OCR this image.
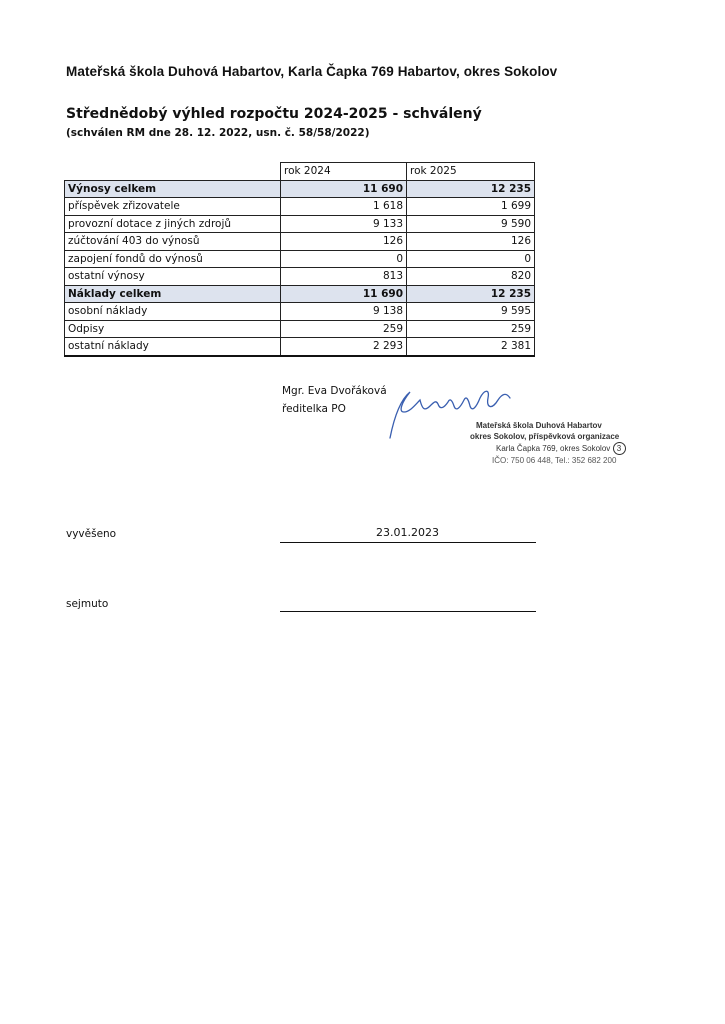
Mateřská škola Duhová Habartov, Karla Čapka 769 Habartov, okres Sokolov
Střednědobý výhled rozpočtu 2024-2025 - schválený
(schválen RM dne 28. 12. 2022, usn. č. 58/58/2022)
	rok 2024	rok 2025
Výnosy celkem	11 690	12 235
příspěvek zřizovatele	1 618	1 699
provozní dotace z jiných zdrojů	9 133	9 590
zúčtování 403 do výnosů	126	126
zapojení fondů do výnosů	0	0
ostatní výnosy	813	820
Náklady celkem	11 690	12 235
osobní náklady	9 138	9 595
Odpisy	259	259
ostatní náklady	2 293	2 381
Mgr. Eva Dvořáková
ředitelka PO
Mateřská škola Duhová Habartov
okres Sokolov, příspěvková organizace
Karla Čapka 769, okres Sokolov 3
IČO: 750 06 448, Tel.: 352 682 200
vyvěšeno	23.01.2023
sejmuto
